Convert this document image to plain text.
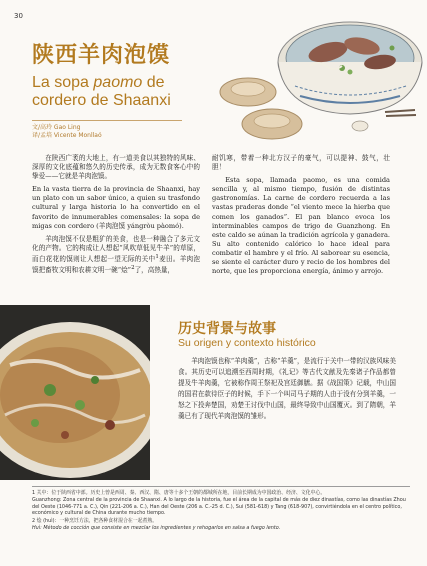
30
陕西羊肉泡馍
La sopa paomo de cordero de Shaanxi
文/高玲 Gao Ling
译/孟培 Vicente Monllaó

在陕西广袤的大地上，有一道美食以其独特的风味、深厚的文化底蕴和悠久的历史传承，成为无数食客心中的挚爱——它就是羊肉泡馍。

En la vasta tierra de la provincia de Shaanxi, hay un plato con un sabor único, a quien su trasfondo cultural y larga historia lo ha convertido en el favorito de innumerables comensales: la sopa de migas con cordero (羊肉泡馍 yángròu pàomó).

羊肉泡馍不仅是粗犷的美食，也是一种融合了多元文化的产物。它的构成让人想起“风吹草低见牛羊”的草原，而白花花的馍则让人想起一望无际的关中$^1$麦田。羊肉泡馍把畜牧文明和农耕文明一碗“烩”$^2$了，高热量，

耐饥寒，带着一种北方汉子的豪气，可以提神、鼓气，壮胆！

Esta sopa, llamada paomo, es una comida sencilla y, al mismo tiempo, fusión de distintas gastronomías. La carne de cordero recuerda a las vastas praderas donde “el viento mece la hierba que comen los ganados”. El pan blanco evoca los interminables campos de trigo de Guanzhong. En este caldo se aúnan la tradición agrícola y ganadera. Su alto contenido calórico lo hace ideal para combatir el hambre y el frío. Al saborear su esencia, se siente el carácter duro y recio de los hombres del norte, que les proporciona energía, ánimo y arrojo.

历史背景与故事
Su origen y contexto histórico
羊肉泡馍也称“羊肉羹”，古称“羊羹”，是流行于关中一带的汉族风味美食。其历史可以追溯至西周时期，《礼记》等古代文献及先秦诸子作品都曾提及牛羊肉羹，它被称作周王祭祀及宫廷御膳。据《战国策》记载，中山国的国君在款待臣子的时候，手下一个叫司马子期的人由于没有分到羊羹，一怒之下投奔楚国，劝楚王讨伐中山国，最终导致中山国覆灭。到了隋朝，羊羹已有了现代羊肉泡馍的雏形。

1 关中：位于陕西省中部。历史上曾是西周、秦、西汉、隋、唐等十多个王朝的都城所在地，目前长期成为中国政治、经济、文化中心。

Guanzhong: Zona central de la provincia de Shaanxi. A lo largo de la historia, fue el área de la capital de más de diez dinastías, como las dinastías Zhou del Oeste (1046-771 a. C.), Qin (221-206 a. C.), Han del Oeste (206 a. C.-25 d. C.), Sui (581-618) y Tang (618-907), convirtiéndola en el centro político, económico y cultural de China durante mucho tiempo.

2 烩 (huì)：一种烹饪方法，把各种食材混合在一起煮熟。

Huì: Método de cocción que consiste en mezclar los ingredientes y rehogarlos en salsa a fuego lento.
